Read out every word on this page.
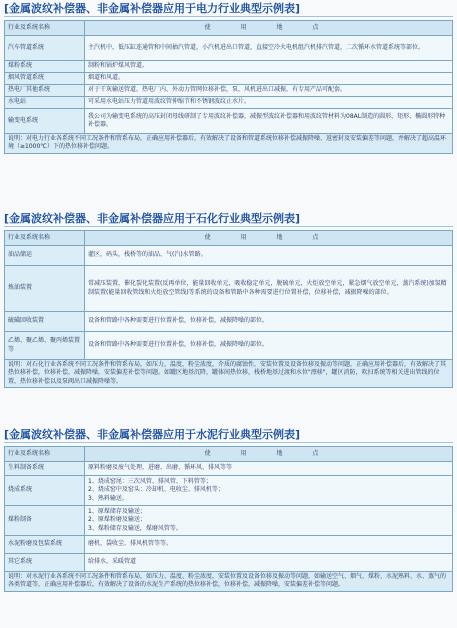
[金属波纹补偿器、非金属补偿器应用于电力行业典型示例表]
行业及系统名称	使 用 地 点
汽车管道系统	主汽机中，低压缸连通管和中间抽汽管道，小汽机进出口管道，直接空冷火电机组汽机排汽管道，二次循环水管道系统等部位。
煤粉系统	制粉和锅炉煤风管道。
烟风管道系统	烟道和风道。
热电厂其他系统	对于干灰输送管道，热电厂内、外动力管网位移补偿，泵，风机进出口减振，有专用产品可配套。
水电站	可采用水电站压力管道用波纹管伸缩节和不锈钢波纹止水片。
输变电系统	我公司为输变电系统的高压封闭母线研制了专用波纹补偿器，减振型波纹补偿器和用波纹管材料为08AL制造的圆形、矩形、椭圆形特种补偿器。
说明：对电力行业各系统不同工况条件和管系布局，正确应用补偿器后，有效解决了设备和管道系统位移补偿减振降噪、返密封及安装偏差等问题，并解决了超高温环境（≥1000℃）下的热位移补偿问题。	
[金属波纹补偿器、非金属补偿器应用于石化行业典型示例表]
行业及系统名称	使 用 地 点
油品储运	灌区，码头，栈桥等的油品、气(汽)水管路。
炼油装置	常减压装置，催化裂化装置(反再单位，能量回收单元，吸收稳定单元，脱硫单元，火炬放空单元，紧急烟气放空单元，蒸汽系统)加氢精制装置(能量回收管线和火炬放空管线)等系统的设备和管路中各种需要进行位置补偿，位移补偿，减振降噪的部位。
硫磺回收装置	设备和管路中各种需要进行位置补偿，位移补偿，减振降噪的部位。
乙烯、聚乙烯、聚丙烯装置等	设备和管路中各种需要进行位置补偿，位移补偿，减振降噪的部位。
说明：对石化行业各系统不同工况条件和管系布局，如压力，温度，粉尘浓度，介质的腐蚀性，安装位置及设备位移及振动等问题，正确应用补偿器后，有效解决了其热位移补偿，位移补偿，减振降噪，安装偏差补偿等问题。如罐区地基沉降，罐体间热位移，栈桥地基过渡和水位"漂移"，罐区消防，吹扫系统等相关进出管线的位置，热位移补偿以及泵阀出口减振降噪等。	
[金属波纹补偿器、非金属补偿器应用于水泥行业典型示例表]
行业及系统名称	使 用 地 点
生料制备系统	原料粉磨及废气处理，进磨、出磨、循环风、排风等等

烧成系统	1、烧成窑尾：三次风管、排风管、下料管等；
2、烧成窑中及窑头：冷却机、电收尘、排风机等；
3、熟料输送。

煤粉制备	1、原煤储存及输送；
2、原煤粉磨及输送；
3、煤粉储存及输送，煤磨风管等。

水泥粉磨及包装系统	磨机、袋收尘、排风机管等等。

其它系统	给排水，采暖管道

说明：对水泥行业各系统不同工况条件和管系布局，如压力、温度、粉尘浓度，安装位置及设备位移及振动等问题，如输送空气、烟气、煤粉、水泥熟料、水、蒸气的各类管道等，正确应用补偿器后，有效解决了设备的水泥生产系统的热位移补偿，位移补偿，减振降噪，安装偏差补偿等问题。	
